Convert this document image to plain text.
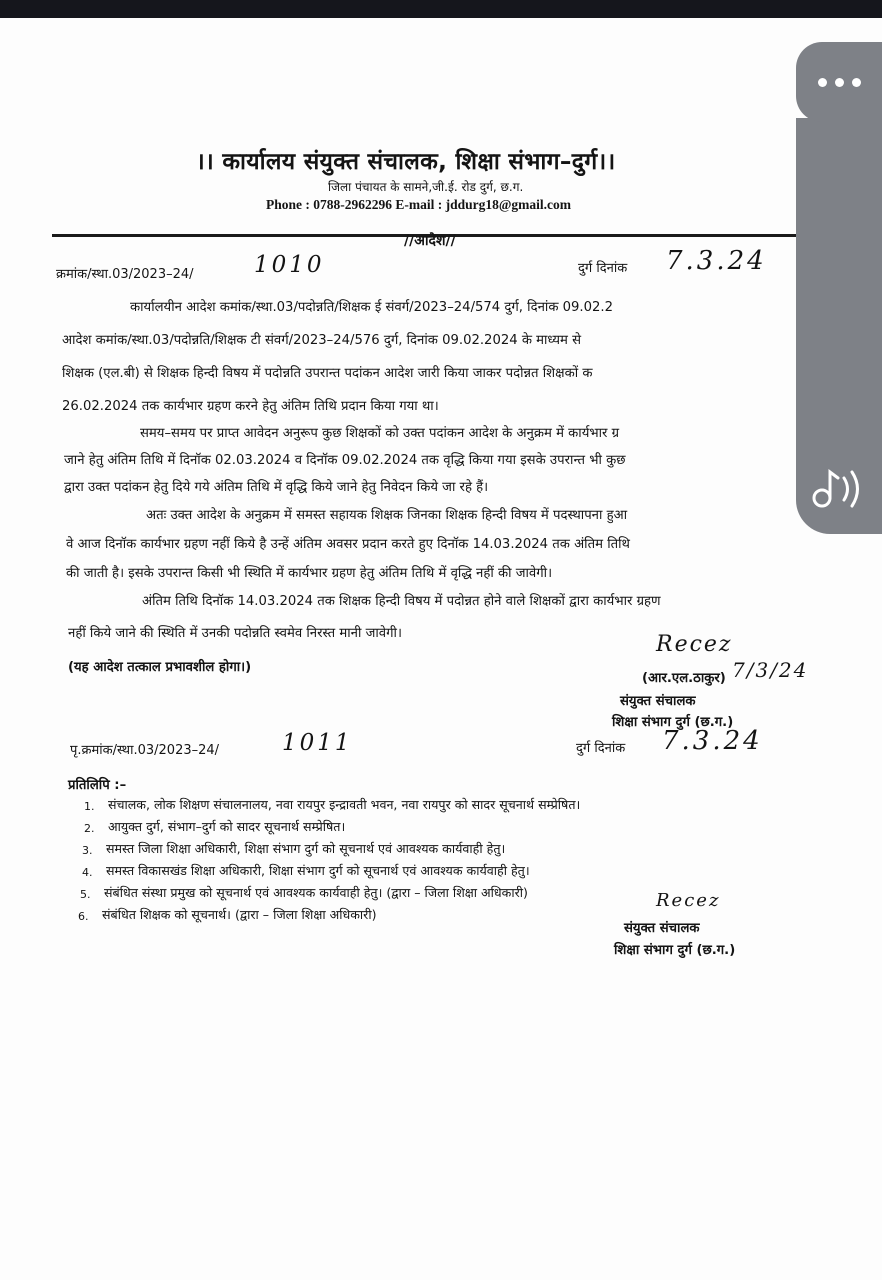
।। कार्यालय संयुक्त संचालक, शिक्षा संभाग–दुर्ग।।
जिला पंचायत के सामने,जी.ई. रोड दुर्ग, छ.ग.
Phone : 0788-2962296 E-mail : jddurg18@gmail.com
//आदेश//
क्रमांक/स्था.03/2023–24/	1010	दुर्ग दिनांक 7.3.24
कार्यालयीन आदेश कमांक/स्था.03/पदोन्नति/शिक्षक ई संवर्ग/2023–24/574 दुर्ग, दिनांक 09.02.2
आदेश कमांक/स्था.03/पदोन्नति/शिक्षक टी संवर्ग/2023–24/576 दुर्ग, दिनांक 09.02.2024 के माध्यम से
शिक्षक (एल.बी) से शिक्षक हिन्दी विषय में पदोन्नति उपरान्त पदांकन आदेश जारी किया जाकर पदोन्नत शिक्षकों क
26.02.2024 तक कार्यभार ग्रहण करने हेतु अंतिम तिथि प्रदान किया गया था।
समय–समय पर प्राप्त आवेदन अनुरूप कुछ शिक्षकों को उक्त पदांकन आदेश के अनुक्रम में कार्यभार ग्र
जाने हेतु अंतिम तिथि में दिनॉक 02.03.2024 व दिनॉक 09.02.2024 तक वृद्धि किया गया इसके उपरान्त भी कुछ
द्वारा उक्त पदांकन हेतु दिये गये अंतिम तिथि में वृद्धि किये जाने हेतु निवेदन किये जा रहे हैं।
अतः उक्त आदेश के अनुक्रम में समस्त सहायक शिक्षक जिनका शिक्षक हिन्दी विषय में पदस्थापना हुआ
वे आज दिनॉक कार्यभार ग्रहण नहीं किये है उन्हें अंतिम अवसर प्रदान करते हुए दिनॉक 14.03.2024 तक अंतिम तिथि
की जाती है। इसके उपरान्त किसी भी स्थिति में कार्यभार ग्रहण हेतु अंतिम तिथि में वृद्धि नहीं की जावेगी।
अंतिम तिथि दिनॉक 14.03.2024 तक शिक्षक हिन्दी विषय में पदोन्नत होने वाले शिक्षकों द्वारा कार्यभार ग्रहण
नहीं किये जाने की स्थिति में उनकी पदोन्नति स्वमेव निरस्त मानी जावेगी।
(यह आदेश तत्काल प्रभावशील होगा।)
Recez
7/3/24
(आर.एल.ठाकुर)
संयुक्त संचालक
शिक्षा संभाग दुर्ग (छ.ग.)
पृ.क्रमांक/स्था.03/2023–24/	1011	दुर्ग दिनांक 7.3.24
प्रतिलिपि :–
1. संचालक, लोक शिक्षण संचालनालय, नवा रायपुर इन्द्रावती भवन, नवा रायपुर को सादर सूचनार्थ सम्प्रेषित।
2. आयुक्त दुर्ग, संभाग–दुर्ग को सादर सूचनार्थ सम्प्रेषित।
3. समस्त जिला शिक्षा अधिकारी, शिक्षा संभाग दुर्ग को सूचनार्थ एवं आवश्यक कार्यवाही हेतु।
4. समस्त विकासखंड शिक्षा अधिकारी, शिक्षा संभाग दुर्ग को सूचनार्थ एवं आवश्यक कार्यवाही हेतु।
5. संबंधित संस्था प्रमुख को सूचनार्थ एवं आवश्यक कार्यवाही हेतु। (द्वारा – जिला शिक्षा अधिकारी)
6. संबंधित शिक्षक को सूचनार्थ। (द्वारा – जिला शिक्षा अधिकारी)
Recez
संयुक्त संचालक
शिक्षा संभाग दुर्ग (छ.ग.)
